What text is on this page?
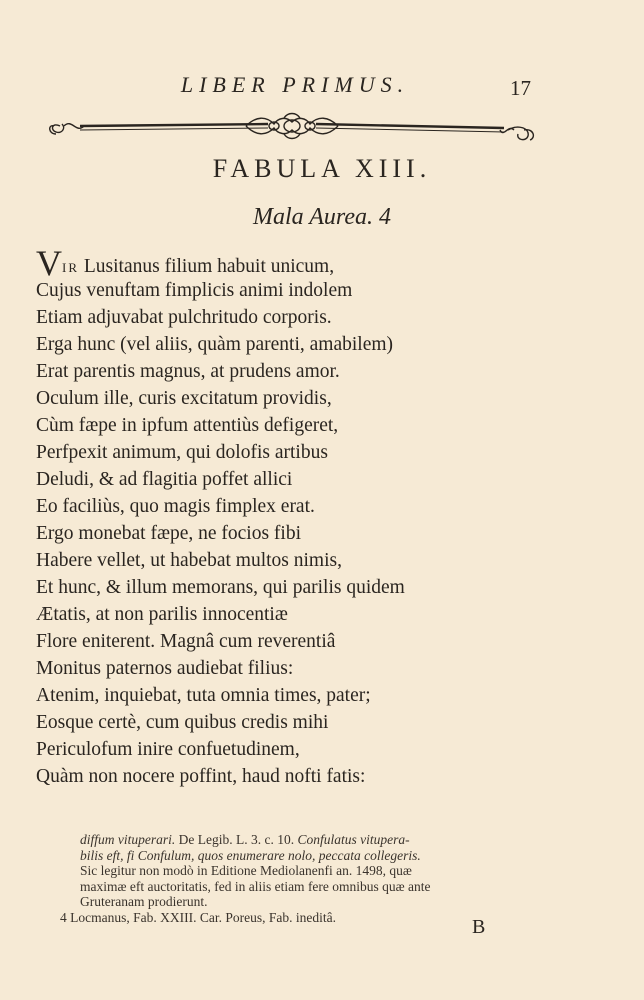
LIBER PRIMUS.	17
FABULA XIII.
Mala Aurea. 4
VIR Lusitanus filium habuit unicum,
Cujus venuftam fimplicis animi indolem
Etiam adjuvabat pulchritudo corporis.
Erga hunc (vel aliis, quàm parenti, amabilem)
Erat parentis magnus, at prudens amor.
Oculum ille, curis excitatum providis,
Cùm fæpe in ipfum attentiùs defigeret,
Perfpexit animum, qui dolofis artibus
Deludi, & ad flagitia poffet allici
Eo faciliùs, quo magis fimplex erat.
Ergo monebat fæpe, ne focios fibi
Habere vellet, ut habebat multos nimis,
Et hunc, & illum memorans, qui parilis quidem
Ætatis, at non parilis innocentiæ
Flore eniterent. Magnâ cum reverentiâ
Monitus paternos audiebat filius:
Atenim, inquiebat, tuta omnia times, pater;
Eosque certè, cum quibus credis mihi
Periculofum inire confuetudinem,
Quàm non nocere poffint, haud nofti fatis:
diffum vituperari. De Legib. L. 3. c. 10. Confulatus vitupera-
bilis eft, fi Confulum, quos enumerare nolo, peccata collegeris.
Sic legitur non modò in Editione Mediolanenfi an. 1498, quæ
maximæ eft auctoritatis, fed in aliis etiam fere omnibus quæ ante
Gruteranam prodierunt.
4 Locmanus, Fab. XXIII. Car. Poreus, Fab. ineditâ.	B
